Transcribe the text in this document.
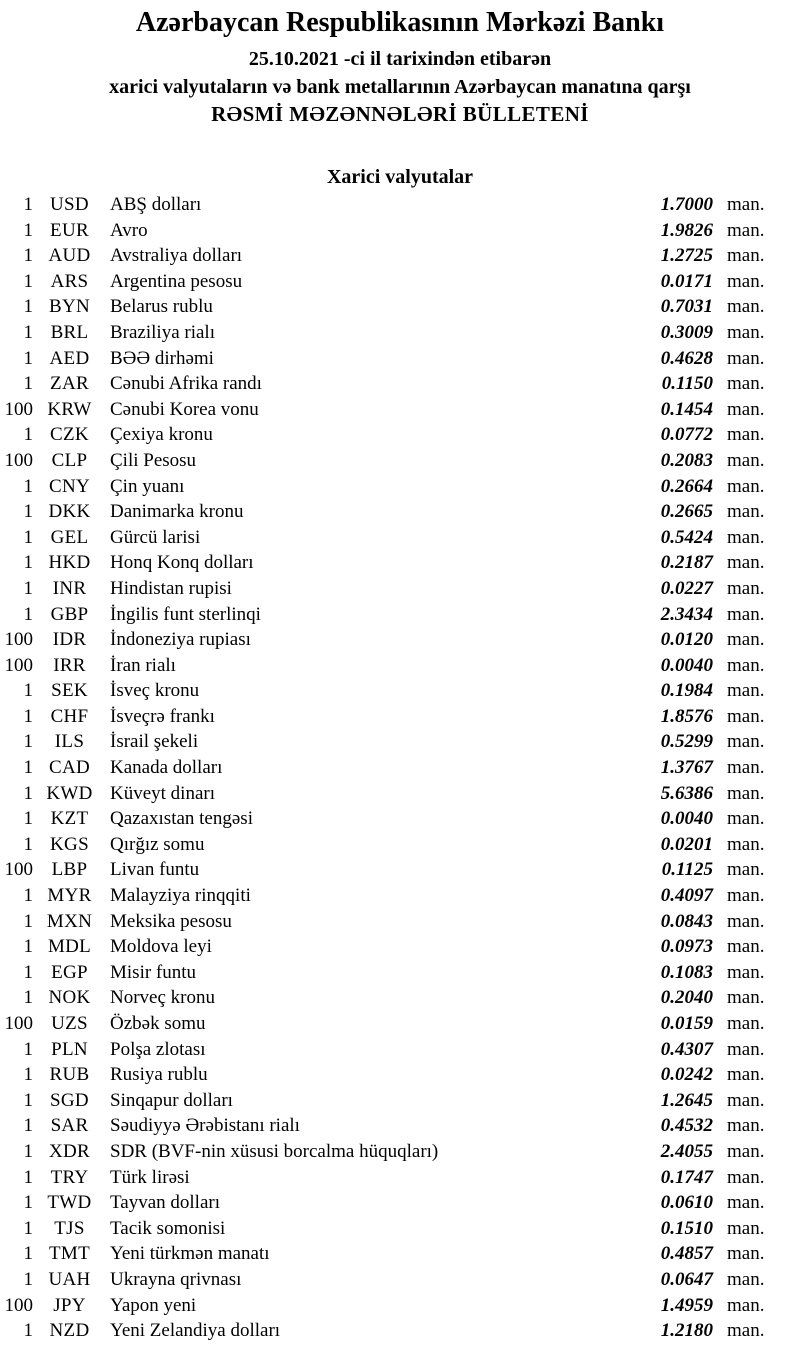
Azərbaycan Respublikasının Mərkəzi Bankı
25.10.2021 -ci il tarixindən etibarən
xarici valyutaların və bank metallarının Azərbaycan manatına qarşı
RƏSMİ MƏZƏNNƏLƏRİ BÜLLETENİ
Xarici valyutalar
1 USD	ABŞ dolları	1.7000 man.
1 EUR	Avro	1.9826 man.
1 AUD	Avstraliya dolları	1.2725 man.
1 ARS	Argentina pesosu	0.0171 man.
1 BYN	Belarus rublu	0.7031 man.
1 BRL	Braziliya rialı	0.3009 man.
1 AED	BƏƏ dirhəmi	0.4628 man.
1 ZAR	Cənubi Afrika randı	0.1150 man.
100 KRW Cənubi Korea vonu	0.1454 man.
1 CZK	Çexiya kronu	0.0772 man.
100 CLP	Çili Pesosu	0.2083 man.
1 CNY	Çin yuanı	0.2664 man.
1 DKK	Danimarka kronu	0.2665 man.
1 GEL	Gürcü larisi	0.5424 man.
1 HKD	Honq Konq dolları	0.2187 man.
1	INR	Hindistan rupisi	0.0227 man.
1 GBP	İngilis funt sterlinqi	2.3434 man.
100	IDR	İndoneziya rupiası	0.0120 man.
100	IRR	İran rialı	0.0040 man.
1 SEK	İsveç kronu	0.1984 man.
1 CHF	İsveçrə frankı	1.8576 man.
1	ILS	İsrail şekeli	0.5299 man.
1 CAD	Kanada dolları	1.3767 man.
1 KWD Küveyt dinarı	5.6386 man.
1 KZT	Qazaxıstan tengəsi	0.0040 man.
1 KGS	Qırğız somu	0.0201 man.
100 LBP	Livan funtu	0.1125 man.
1 MYR Malayziya rinqqiti	0.4097 man.
1 MXN Meksika pesosu	0.0843 man.
1 MDL Moldova leyi	0.0973 man.
1 EGP	Misir funtu	0.1083 man.
1 NOK	Norveç kronu	0.2040 man.
100 UZS	Özbək somu	0.0159 man.
1 PLN	Polşa zlotası	0.4307 man.
1 RUB	Rusiya rublu	0.0242 man.
1 SGD	Sinqapur dolları	1.2645 man.
1 SAR	Səudiyyə Ərəbistanı rialı	0.4532 man.
1 XDR	SDR (BVF-nin xüsusi borcalma hüquqları)	2.4055 man.
1 TRY	Türk lirəsi	0.1747 man.
1 TWD Tayvan dolları	0.0610 man.
1	TJS	Tacik somonisi	0.1510 man.
1 TMT	Yeni türkmən manatı	0.4857 man.
1 UAH	Ukrayna qrivnası	0.0647 man.
100	JPY	Yapon yeni	1.4959 man.
1 NZD	Yeni Zelandiya dolları	1.2180 man.
